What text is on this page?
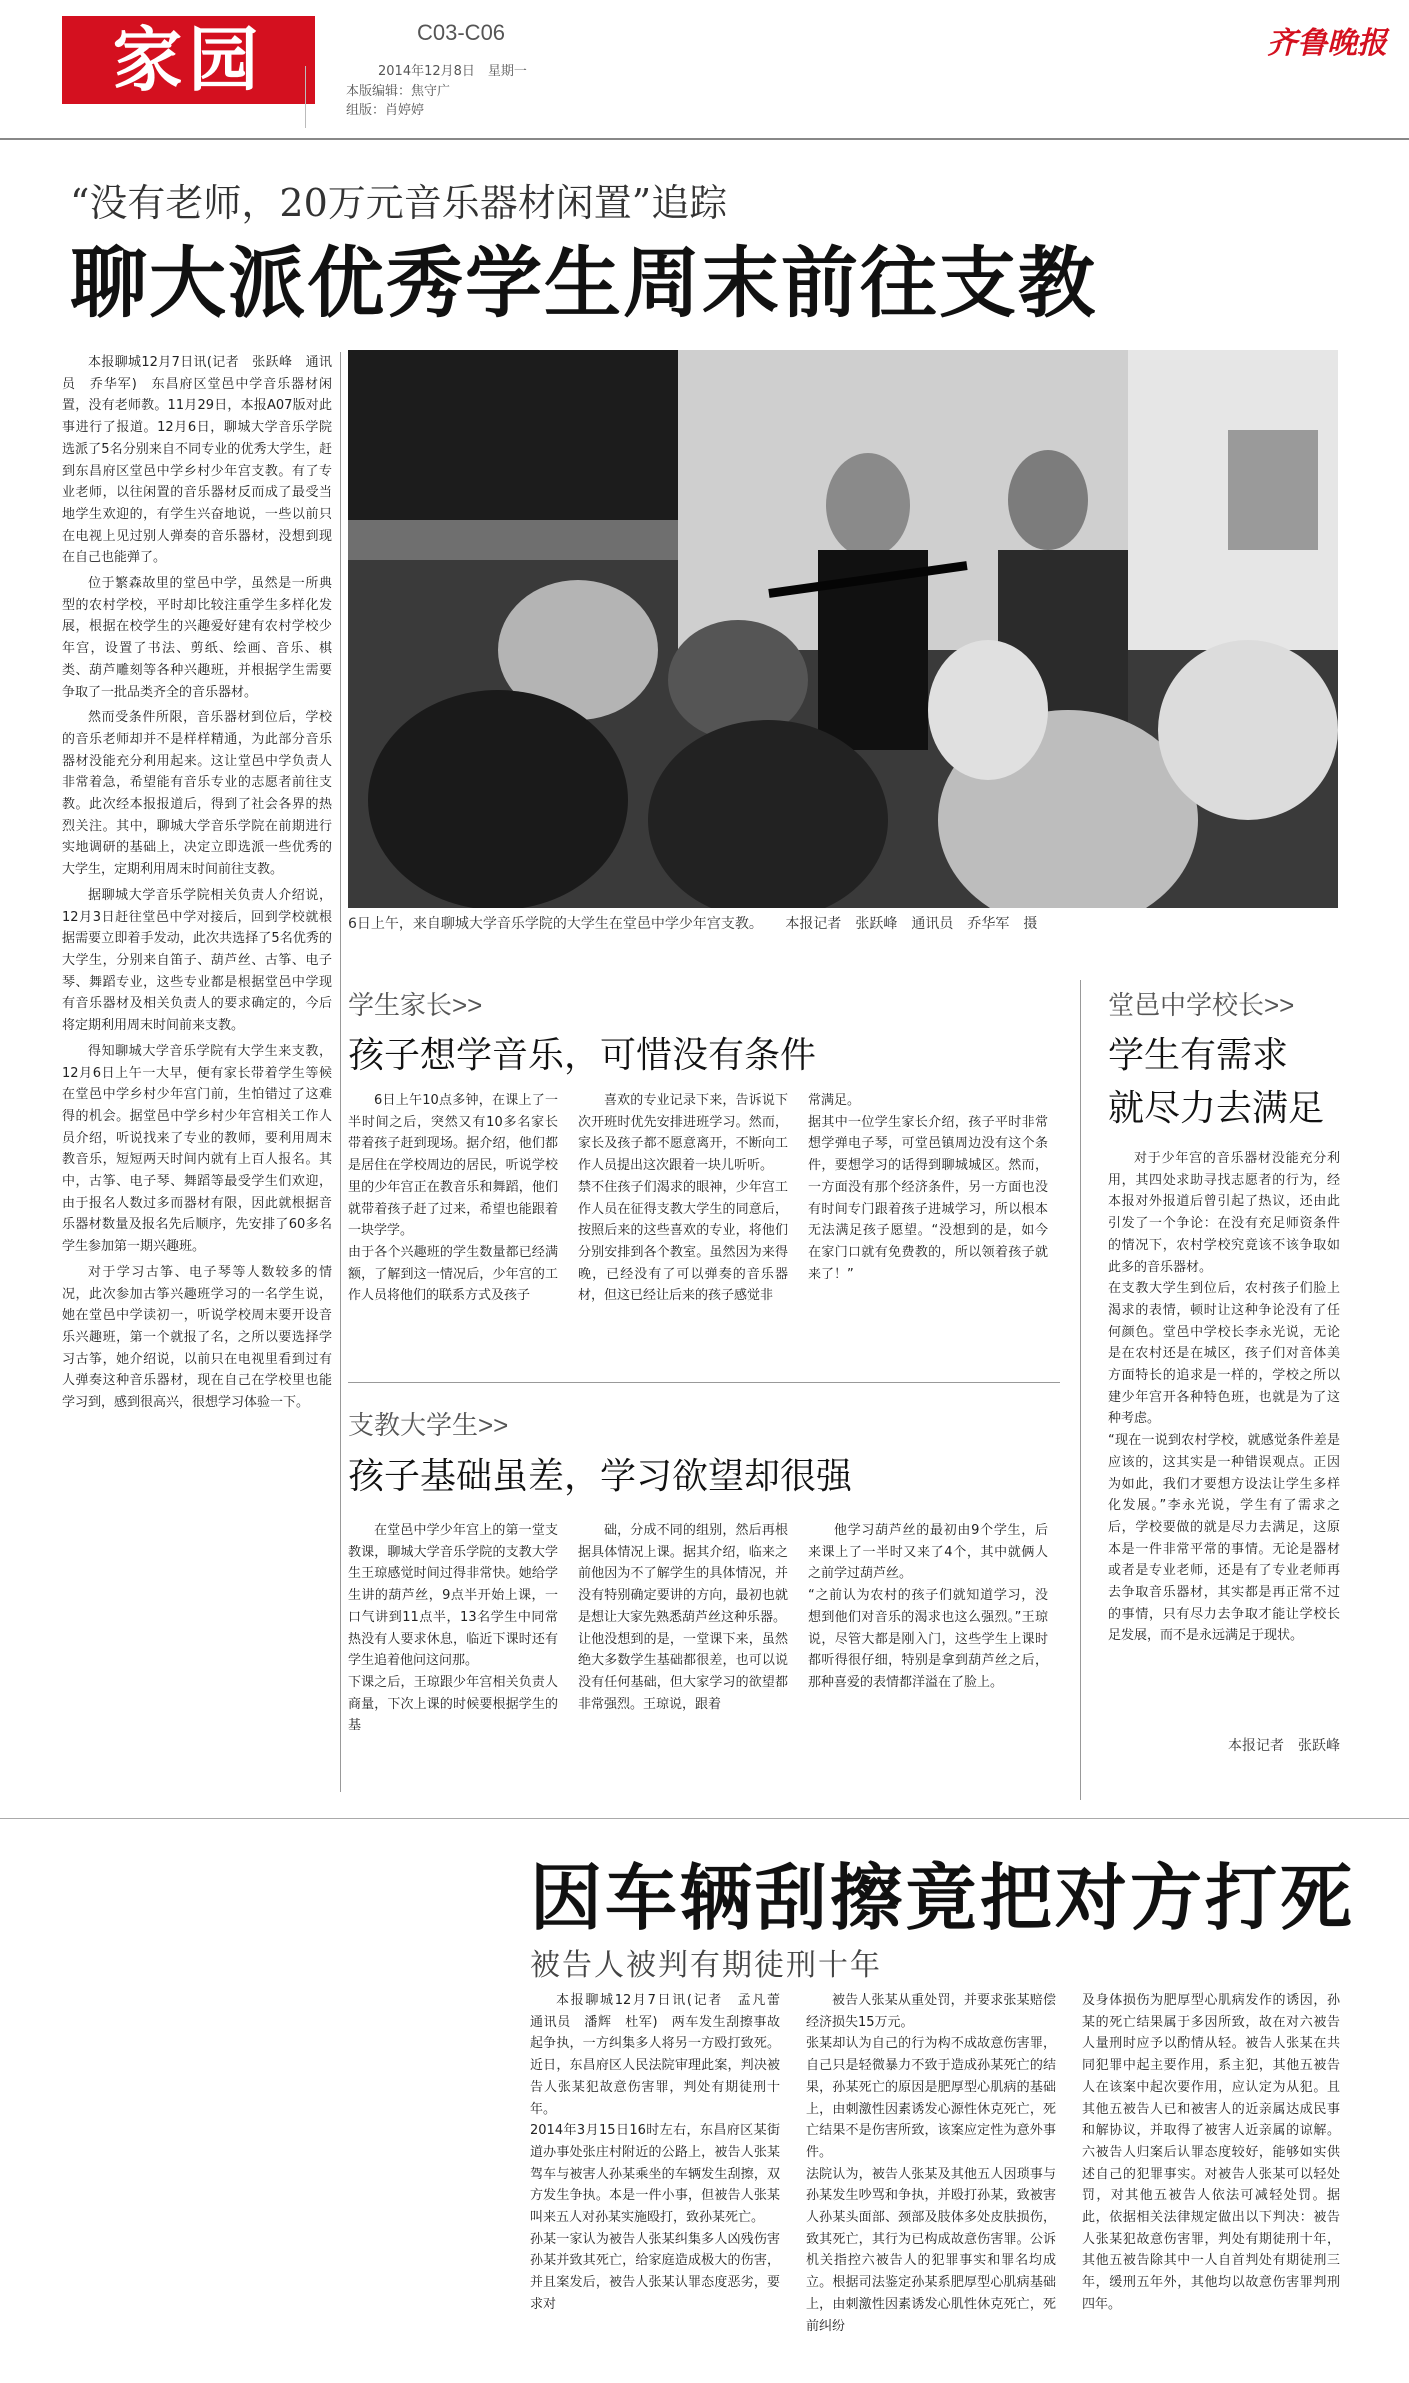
家园	C03-C06
2014年12月8日　星期一
本版编辑：焦守广
组版：肖婷婷
齐鲁晚报
“没有老师，20万元音乐器材闲置”追踪
聊大派优秀学生周末前往支教
6日上午，来自聊城大学音乐学院的大学生在堂邑中学少年宫支教。 本报记者　张跃峰　通讯员　乔华军　摄

本报聊城12月7日讯(记者　张跃峰　通讯员　乔华军)　东昌府区堂邑中学音乐器材闲置，没有老师教。11月29日，本报A07版对此事进行了报道。12月6日，聊城大学音乐学院选派了5名分别来自不同专业的优秀大学生，赶到东昌府区堂邑中学乡村少年宫支教。有了专业老师，以往闲置的音乐器材反而成了最受当地学生欢迎的，有学生兴奋地说，一些以前只在电视上见过别人弹奏的音乐器材，没想到现在自己也能弹了。

位于繁森故里的堂邑中学，虽然是一所典型的农村学校，平时却比较注重学生多样化发展，根据在校学生的兴趣爱好建有农村学校少年宫，设置了书法、剪纸、绘画、音乐、棋类、葫芦雕刻等各种兴趣班，并根据学生需要争取了一批品类齐全的音乐器材。

然而受条件所限，音乐器材到位后，学校的音乐老师却并不是样样精通，为此部分音乐器材没能充分利用起来。这让堂邑中学负责人非常着急，希望能有音乐专业的志愿者前往支教。此次经本报报道后，得到了社会各界的热烈关注。其中，聊城大学音乐学院在前期进行实地调研的基础上，决定立即选派一些优秀的大学生，定期利用周末时间前往支教。

据聊城大学音乐学院相关负责人介绍说，12月3日赶往堂邑中学对接后，回到学校就根据需要立即着手发动，此次共选择了5名优秀的大学生，分别来自笛子、葫芦丝、古筝、电子琴、舞蹈专业，这些专业都是根据堂邑中学现有音乐器材及相关负责人的要求确定的，今后将定期利用周末时间前来支教。

得知聊城大学音乐学院有大学生来支教，12月6日上午一大早，便有家长带着学生等候在堂邑中学乡村少年宫门前，生怕错过了这难得的机会。据堂邑中学乡村少年宫相关工作人员介绍，听说找来了专业的教师，要利用周末教音乐，短短两天时间内就有上百人报名。其中，古筝、电子琴、舞蹈等最受学生们欢迎，由于报名人数过多而器材有限，因此就根据音乐器材数量及报名先后顺序，先安排了60多名学生参加第一期兴趣班。

对于学习古筝、电子琴等人数较多的情况，此次参加古筝兴趣班学习的一名学生说，她在堂邑中学读初一，听说学校周末要开设音乐兴趣班，第一个就报了名，之所以要选择学习古筝，她介绍说，以前只在电视里看到过有人弹奏这种音乐器材，现在自己在学校里也能学习到，感到很高兴，很想学习体验一下。

学生家长>>
孩子想学音乐，可惜没有条件
6日上午10点多钟，在课上了一半时间之后，突然又有10多名家长带着孩子赶到现场。据介绍，他们都是居住在学校周边的居民，听说学校里的少年宫正在教音乐和舞蹈，他们就带着孩子赶了过来，希望也能跟着一块学学。
由于各个兴趣班的学生数量都已经满额，了解到这一情况后，少年宫的工作人员将他们的联系方式及孩子
喜欢的专业记录下来，告诉说下次开班时优先安排进班学习。然而，家长及孩子都不愿意离开，不断向工作人员提出这次跟着一块儿听听。
禁不住孩子们渴求的眼神，少年宫工作人员在征得支教大学生的同意后，按照后来的这些喜欢的专业，将他们分别安排到各个教室。虽然因为来得晚，已经没有了可以弹奏的音乐器材，但这已经让后来的孩子感觉非
常满足。
据其中一位学生家长介绍，孩子平时非常想学弹电子琴，可堂邑镇周边没有这个条件，要想学习的话得到聊城城区。然而，一方面没有那个经济条件，另一方面也没有时间专门跟着孩子进城学习，所以根本无法满足孩子愿望。“没想到的是，如今在家门口就有免费教的，所以领着孩子就来了！”
支教大学生>>
孩子基础虽差，学习欲望却很强
在堂邑中学少年宫上的第一堂支教课，聊城大学音乐学院的支教大学生王琼感觉时间过得非常快。她给学生讲的葫芦丝，9点半开始上课，一口气讲到11点半，13名学生中同常热没有人要求休息，临近下课时还有学生追着他问这问那。
下课之后，王琼跟少年宫相关负责人商量，下次上课的时候要根据学生的基
础，分成不同的组别，然后再根据具体情况上课。据其介绍，临来之前他因为不了解学生的具体情况，并没有特别确定要讲的方向，最初也就是想让大家先熟悉葫芦丝这种乐器。
让他没想到的是，一堂课下来，虽然绝大多数学生基础都很差，也可以说没有任何基础，但大家学习的欲望都非常强烈。王琼说，跟着
他学习葫芦丝的最初由9个学生，后来课上了一半时又来了4个，其中就俩人之前学过葫芦丝。
“之前认为农村的孩子们就知道学习，没想到他们对音乐的渴求也这么强烈。”王琼说，尽管大都是刚入门，这些学生上课时都听得很仔细，特别是拿到葫芦丝之后，那种喜爱的表情都洋溢在了脸上。
堂邑中学校长>>
学生有需求
就尽力去满足
对于少年宫的音乐器材没能充分利用，其四处求助寻找志愿者的行为，经本报对外报道后曾引起了热议，还由此引发了一个争论：在没有充足师资条件的情况下，农村学校究竟该不该争取如此多的音乐器材。
在支教大学生到位后，农村孩子们脸上渴求的表情，顿时让这种争论没有了任何颜色。堂邑中学校长李永光说，无论是在农村还是在城区，孩子们对音体美方面特长的追求是一样的，学校之所以建少年宫开各种特色班，也就是为了这种考虑。
“现在一说到农村学校，就感觉条件差是应该的，这其实是一种错误观点。正因为如此，我们才要想方设法让学生多样化发展。”李永光说，学生有了需求之后，学校要做的就是尽力去满足，这原本是一件非常平常的事情。无论是器材或者是专业老师，还是有了专业老师再去争取音乐器材，其实都是再正常不过的事情，只有尽力去争取才能让学校长足发展，而不是永远满足于现状。
本报记者　张跃峰
因车辆刮擦竟把对方打死
被告人被判有期徒刑十年
本报聊城12月7日讯(记者　孟凡蕾　通讯员　潘辉　杜军)　两车发生刮擦事故起争执，一方纠集多人将另一方殴打致死。近日，东昌府区人民法院审理此案，判决被告人张某犯故意伤害罪，判处有期徒刑十年。
2014年3月15日16时左右，东昌府区某街道办事处张庄村附近的公路上，被告人张某驾车与被害人孙某乘坐的车辆发生刮擦，双方发生争执。本是一件小事，但被告人张某叫来五人对孙某实施殴打，致孙某死亡。
孙某一家认为被告人张某纠集多人凶残伤害孙某并致其死亡，给家庭造成极大的伤害，并且案发后，被告人张某认罪态度恶劣，要求对
被告人张某从重处罚，并要求张某赔偿经济损失15万元。
张某却认为自己的行为构不成故意伤害罪，自己只是轻微暴力不致于造成孙某死亡的结果，孙某死亡的原因是肥厚型心肌病的基础上，由刺激性因素诱发心源性休克死亡，死亡结果不是伤害所致，该案应定性为意外事件。
法院认为，被告人张某及其他五人因琐事与孙某发生吵骂和争执，并殴打孙某，致被害人孙某头面部、颈部及肢体多处皮肤损伤，致其死亡，其行为已构成故意伤害罪。公诉机关指控六被告人的犯罪事实和罪名均成立。根据司法鉴定孙某系肥厚型心肌病基础上，由刺激性因素诱发心肌性休克死亡，死前纠纷
及身体损伤为肥厚型心肌病发作的诱因，孙某的死亡结果属于多因所致，故在对六被告人量刑时应予以酌情从轻。被告人张某在共同犯罪中起主要作用，系主犯，其他五被告人在该案中起次要作用，应认定为从犯。且其他五被告人已和被害人的近亲属达成民事和解协议，并取得了被害人近亲属的谅解。六被告人归案后认罪态度较好，能够如实供述自己的犯罪事实。对被告人张某可以轻处罚，对其他五被告人依法可减轻处罚。据此，依据相关法律规定做出以下判决：被告人张某犯故意伤害罪，判处有期徒刑十年，其他五被告除其中一人自首判处有期徒刑三年，缓刑五年外，其他均以故意伤害罪判刑四年。
